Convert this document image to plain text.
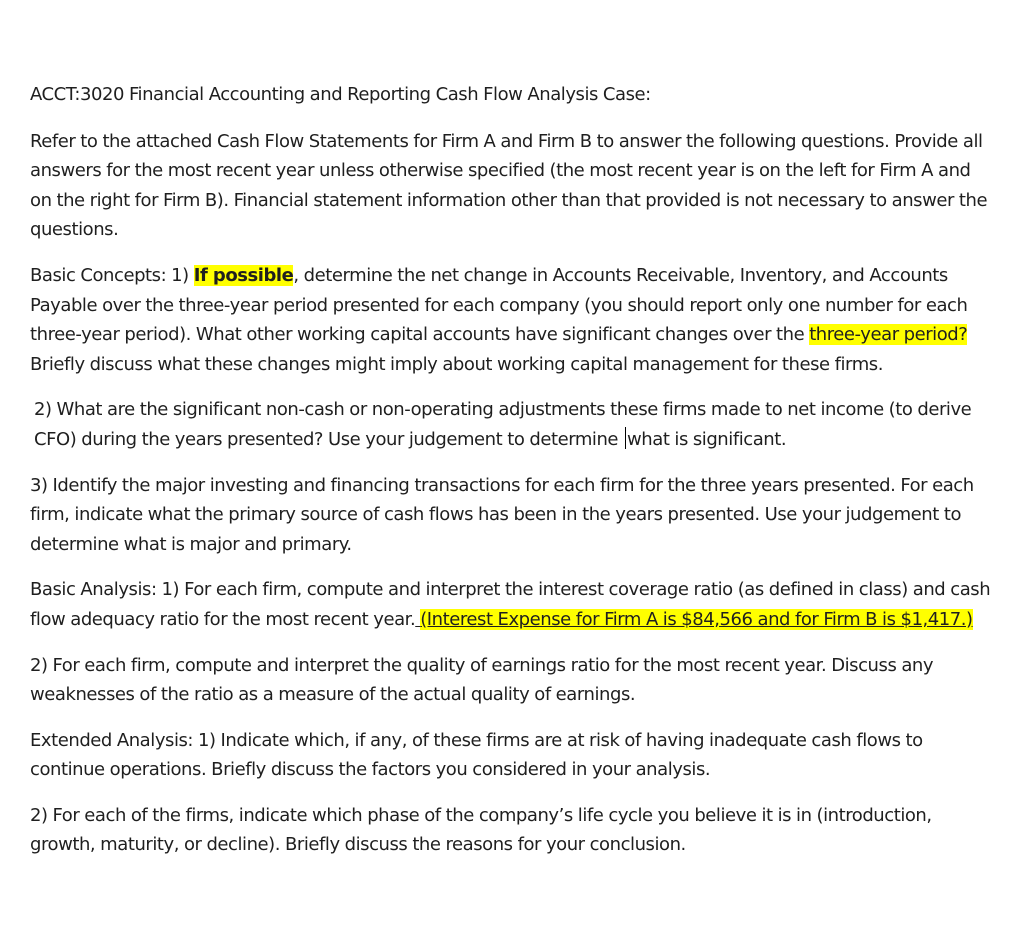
ACCT:3020 Financial Accounting and Reporting Cash Flow Analysis Case:

Refer to the attached Cash Flow Statements for Firm A and Firm B to answer the following questions. Provide all answers for the most recent year unless otherwise specified (the most recent year is on the left for Firm A and on the right for Firm B). Financial statement information other than that provided is not necessary to answer the questions.

Basic Concepts: 1) If possible, determine the net change in Accounts Receivable, Inventory, and Accounts Payable over the three-year period presented for each company (you should report only one number for each three-year period). What other working capital accounts have significant changes over the three-year period? Briefly discuss what these changes might imply about working capital management for these firms.

2) What are the significant non-cash or non-operating adjustments these firms made to net income (to derive CFO) during the years presented? Use your judgement to determine what is significant.

3) Identify the major investing and financing transactions for each firm for the three years presented. For each firm, indicate what the primary source of cash flows has been in the years presented. Use your judgement to determine what is major and primary.

Basic Analysis: 1) For each firm, compute and interpret the interest coverage ratio (as defined in class) and cash flow adequacy ratio for the most recent year. (Interest Expense for Firm A is $84,566 and for Firm B is $1,417.)

2) For each firm, compute and interpret the quality of earnings ratio for the most recent year. Discuss any weaknesses of the ratio as a measure of the actual quality of earnings.

Extended Analysis: 1) Indicate which, if any, of these firms are at risk of having inadequate cash flows to continue operations. Briefly discuss the factors you considered in your analysis.

2) For each of the firms, indicate which phase of the company’s life cycle you believe it is in (introduction, growth, maturity, or decline). Briefly discuss the reasons for your conclusion.
